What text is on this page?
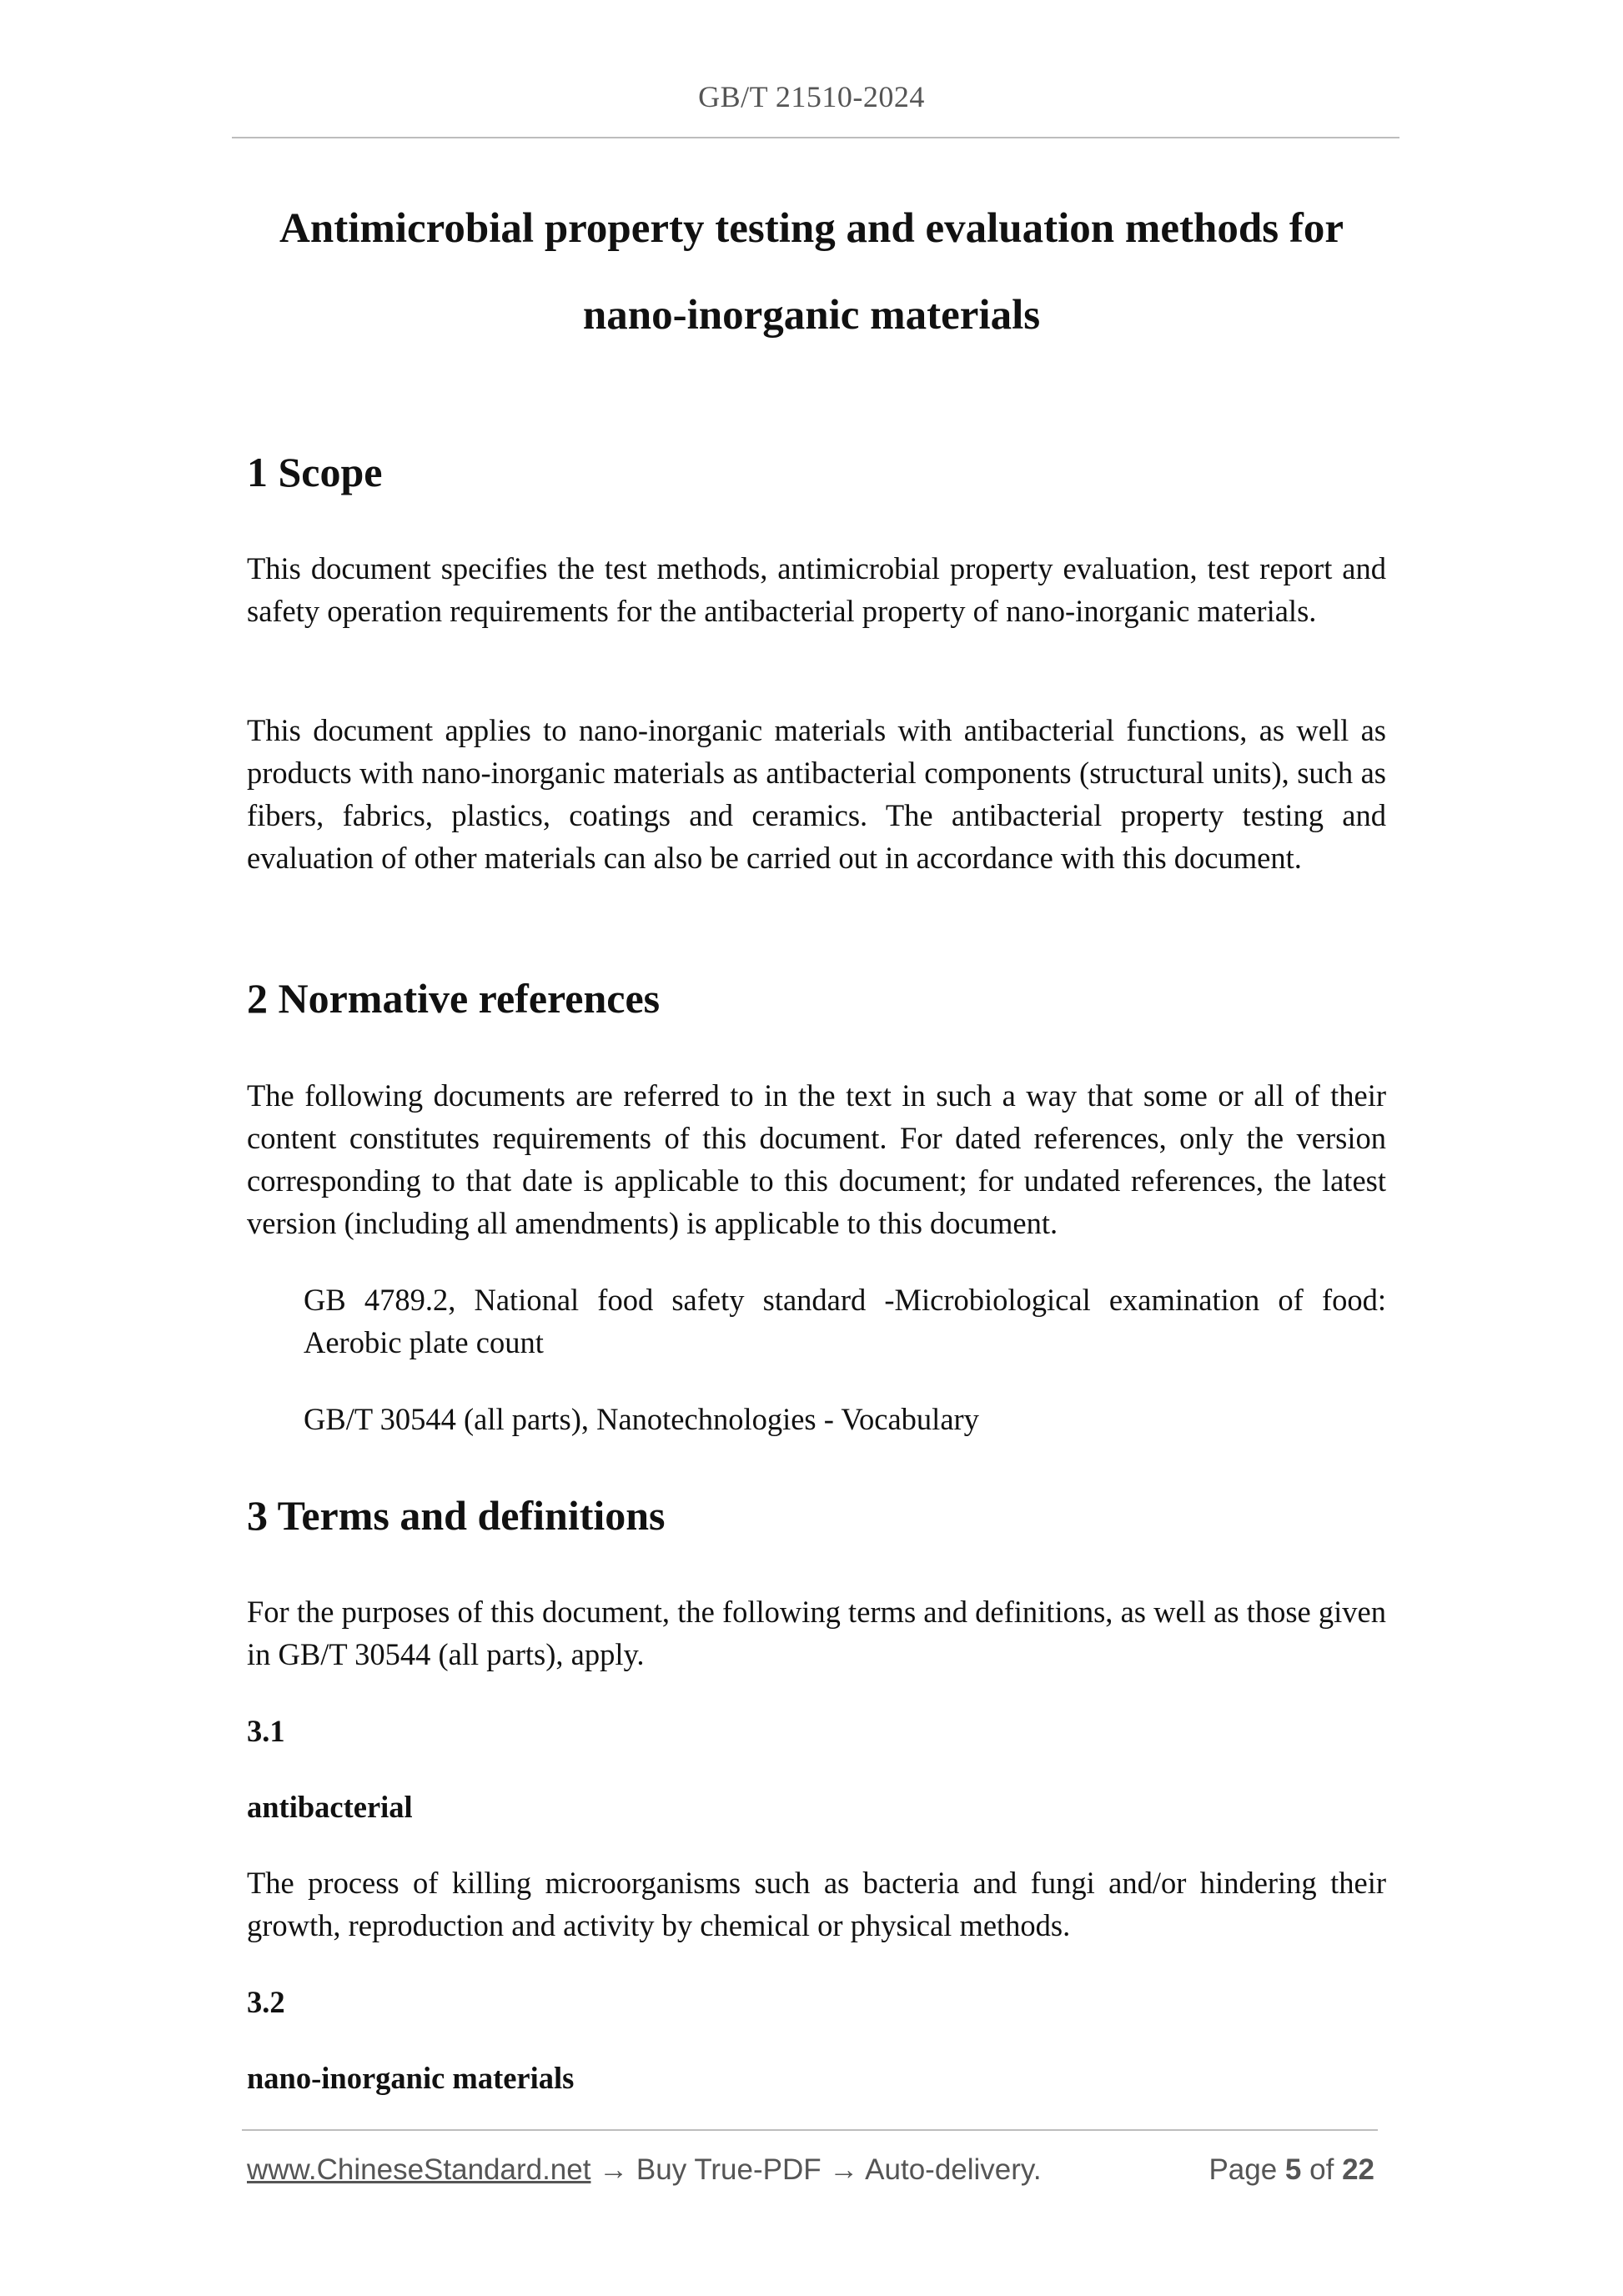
GB/T 21510-2024
Antimicrobial property testing and evaluation methods for
nano-inorganic materials
1 Scope

This document specifies the test methods, antimicrobial property evaluation, test report and safety operation requirements for the antibacterial property of nano-inorganic materials.

This document applies to nano-inorganic materials with antibacterial functions, as well as products with nano-inorganic materials as antibacterial components (structural units), such as fibers, fabrics, plastics, coatings and ceramics. The antibacterial property testing and evaluation of other materials can also be carried out in accordance with this document.

2 Normative references

The following documents are referred to in the text in such a way that some or all of their content constitutes requirements of this document. For dated references, only the version corresponding to that date is applicable to this document; for undated references, the latest version (including all amendments) is applicable to this document.

GB 4789.2, National food safety standard -Microbiological examination of food: Aerobic plate count

GB/T 30544 (all parts), Nanotechnologies - Vocabulary

3 Terms and definitions

For the purposes of this document, the following terms and definitions, as well as those given in GB/T 30544 (all parts), apply.

3.1
antibacterial

The process of killing microorganisms such as bacteria and fungi and/or hindering their growth, reproduction and activity by chemical or physical methods.

3.2
nano-inorganic materials
www.ChineseStandard.net → Buy True-PDF → Auto-delivery.	Page 5 of 22
